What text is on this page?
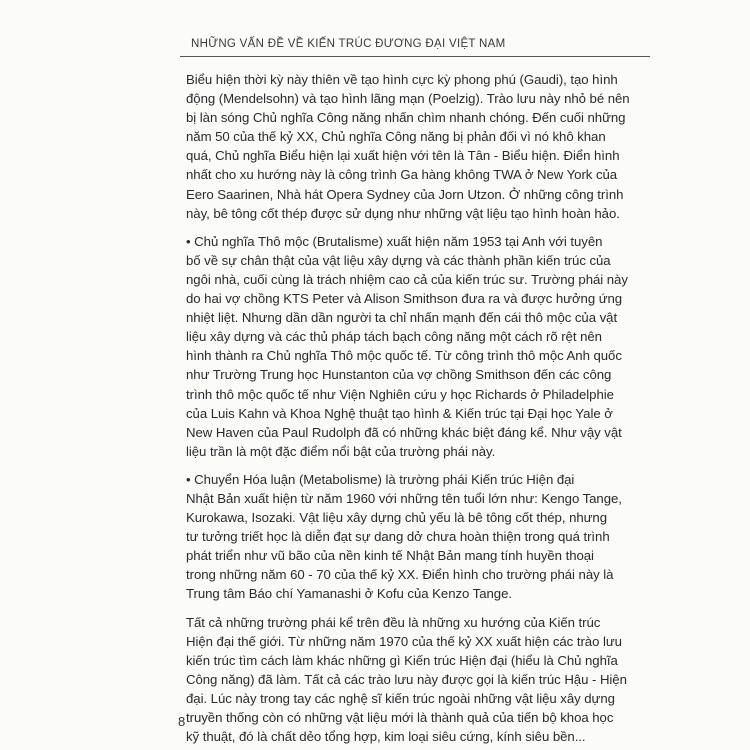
NHỮNG VẤN ĐỀ VỀ KIẾN TRÚC ĐƯƠNG ĐẠI VIỆT NAM

Biểu hiện thời kỳ này thiên về tạo hình cực kỳ phong phú (Gaudi), tạo hình
động (Mendelsohn) và tạo hình lãng mạn (Poelzig). Trào lưu này nhỏ bé nên
bị làn sóng Chủ nghĩa Công năng nhấn chìm nhanh chóng. Đến cuối những
năm 50 của thế kỷ XX, Chủ nghĩa Công năng bị phản đối vì nó khô khan
quá, Chủ nghĩa Biểu hiện lại xuất hiện với tên là Tân - Biểu hiện. Điển hình
nhất cho xu hướng này là công trình Ga hàng không TWA ở New York của
Eero Saarinen, Nhà hát Opera Sydney của Jorn Utzon. Ở những công trình
này, bê tông cốt thép được sử dụng như những vật liệu tạo hình hoàn hảo.

• Chủ nghĩa Thô mộc (Brutalisme) xuất hiện năm 1953 tại Anh với tuyên
bố về sự chân thật của vật liệu xây dựng và các thành phần kiến trúc của
ngôi nhà, cuối cùng là trách nhiệm cao cả của kiến trúc sư. Trường phái này
do hai vợ chồng KTS Peter và Alison Smithson đưa ra và được hưởng ứng
nhiệt liệt. Nhưng dần dần người ta chỉ nhấn mạnh đến cái thô mộc của vật
liệu xây dựng và các thủ pháp tách bạch công năng một cách rõ rệt nên
hình thành ra Chủ nghĩa Thô mộc quốc tế. Từ công trình thô mộc Anh quốc
như Trường Trung học Hunstanton của vợ chồng Smithson đến các công
trình thô mộc quốc tế như Viện Nghiên cứu y học Richards ở Philadelphie
của Luis Kahn và Khoa Nghệ thuật tạo hình & Kiến trúc tại Đại học Yale ở
New Haven của Paul Rudolph đã có những khác biệt đáng kể. Như vậy vật
liệu trần là một đặc điểm nổi bật của trường phái này.

• Chuyển Hóa luận (Metabolisme) là trường phái Kiến trúc Hiện đại
Nhật Bản xuất hiện từ năm 1960 với những tên tuổi lớn như: Kengo Tange,
Kurokawa, Isozaki. Vật liệu xây dựng chủ yếu là bê tông cốt thép, nhưng
tư tưởng triết học là diễn đạt sự dang dở chưa hoàn thiện trong quá trình
phát triển như vũ bão của nền kinh tế Nhật Bản mang tính huyền thoại
trong những năm 60 - 70 của thế kỷ XX. Điển hình cho trường phái này là
Trung tâm Báo chí Yamanashi ở Kofu của Kenzo Tange.

Tất cả những trường phái kể trên đều là những xu hướng của Kiến trúc
Hiện đại thế giới. Từ những năm 1970 của thế kỷ XX xuất hiện các trào lưu
kiến trúc tìm cách làm khác những gì Kiến trúc Hiện đại (hiểu là Chủ nghĩa
Công năng) đã làm. Tất cả các trào lưu này được gọi là kiến trúc Hậu - Hiện
đại. Lúc này trong tay các nghệ sĩ kiến trúc ngoài những vật liệu xây dựng
truyền thống còn có những vật liệu mới là thành quả của tiến bộ khoa học
kỹ thuật, đó là chất dẻo tổng hợp, kim loại siêu cứng, kính siêu bền...

8
